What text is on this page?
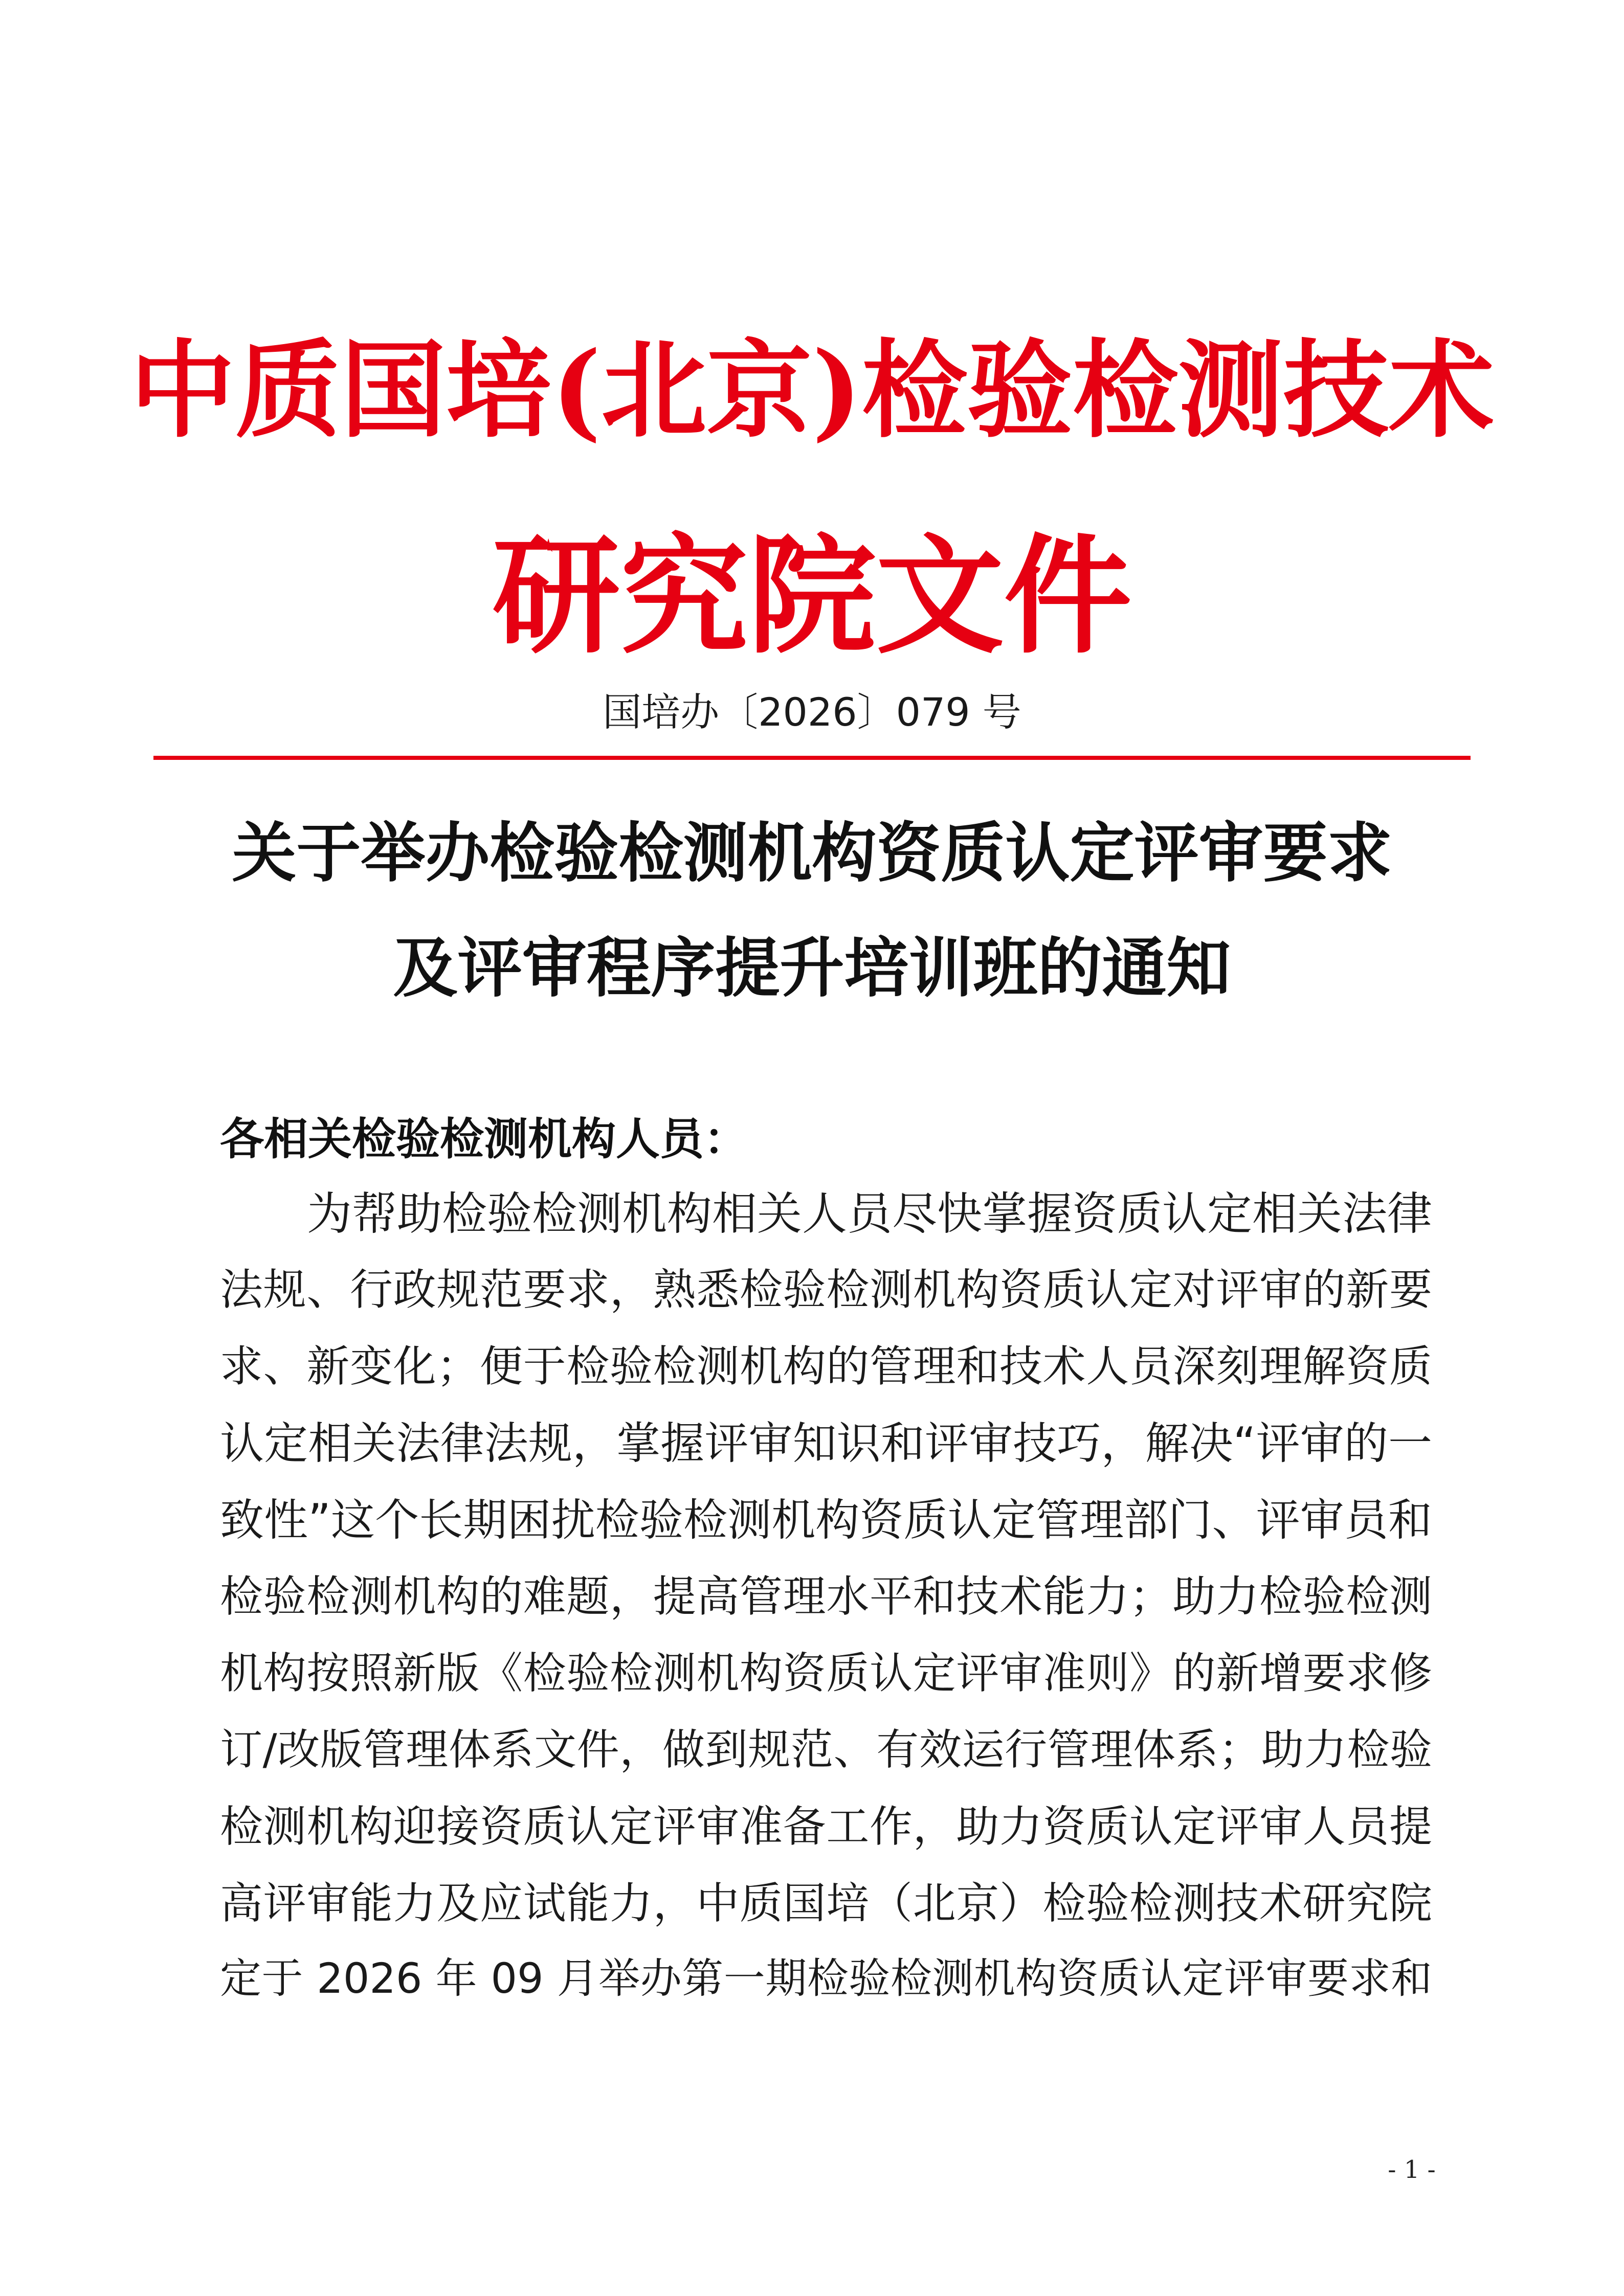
中质国培(北京)检验检测技术
研究院文件
国培办〔2026〕079 号
关于举办检验检测机构资质认定评审要求
及评审程序提升培训班的通知
各相关检验检测机构人员：
为帮助检验检测机构相关人员尽快掌握资质认定相关法律
法规、行政规范要求，熟悉检验检测机构资质认定对评审的新要
求、新变化；便于检验检测机构的管理和技术人员深刻理解资质
认定相关法律法规，掌握评审知识和评审技巧，解决“评审的一
致性”这个长期困扰检验检测机构资质认定管理部门、评审员和
检验检测机构的难题，提高管理水平和技术能力；助力检验检测
机构按照新版《检验检测机构资质认定评审准则》的新增要求修
订/改版管理体系文件，做到规范、有效运行管理体系；助力检验
检测机构迎接资质认定评审准备工作，助力资质认定评审人员提
高评审能力及应试能力，中质国培（北京）检验检测技术研究院
定于 2026 年 09 月举办第一期检验检测机构资质认定评审要求和
- 1 -
